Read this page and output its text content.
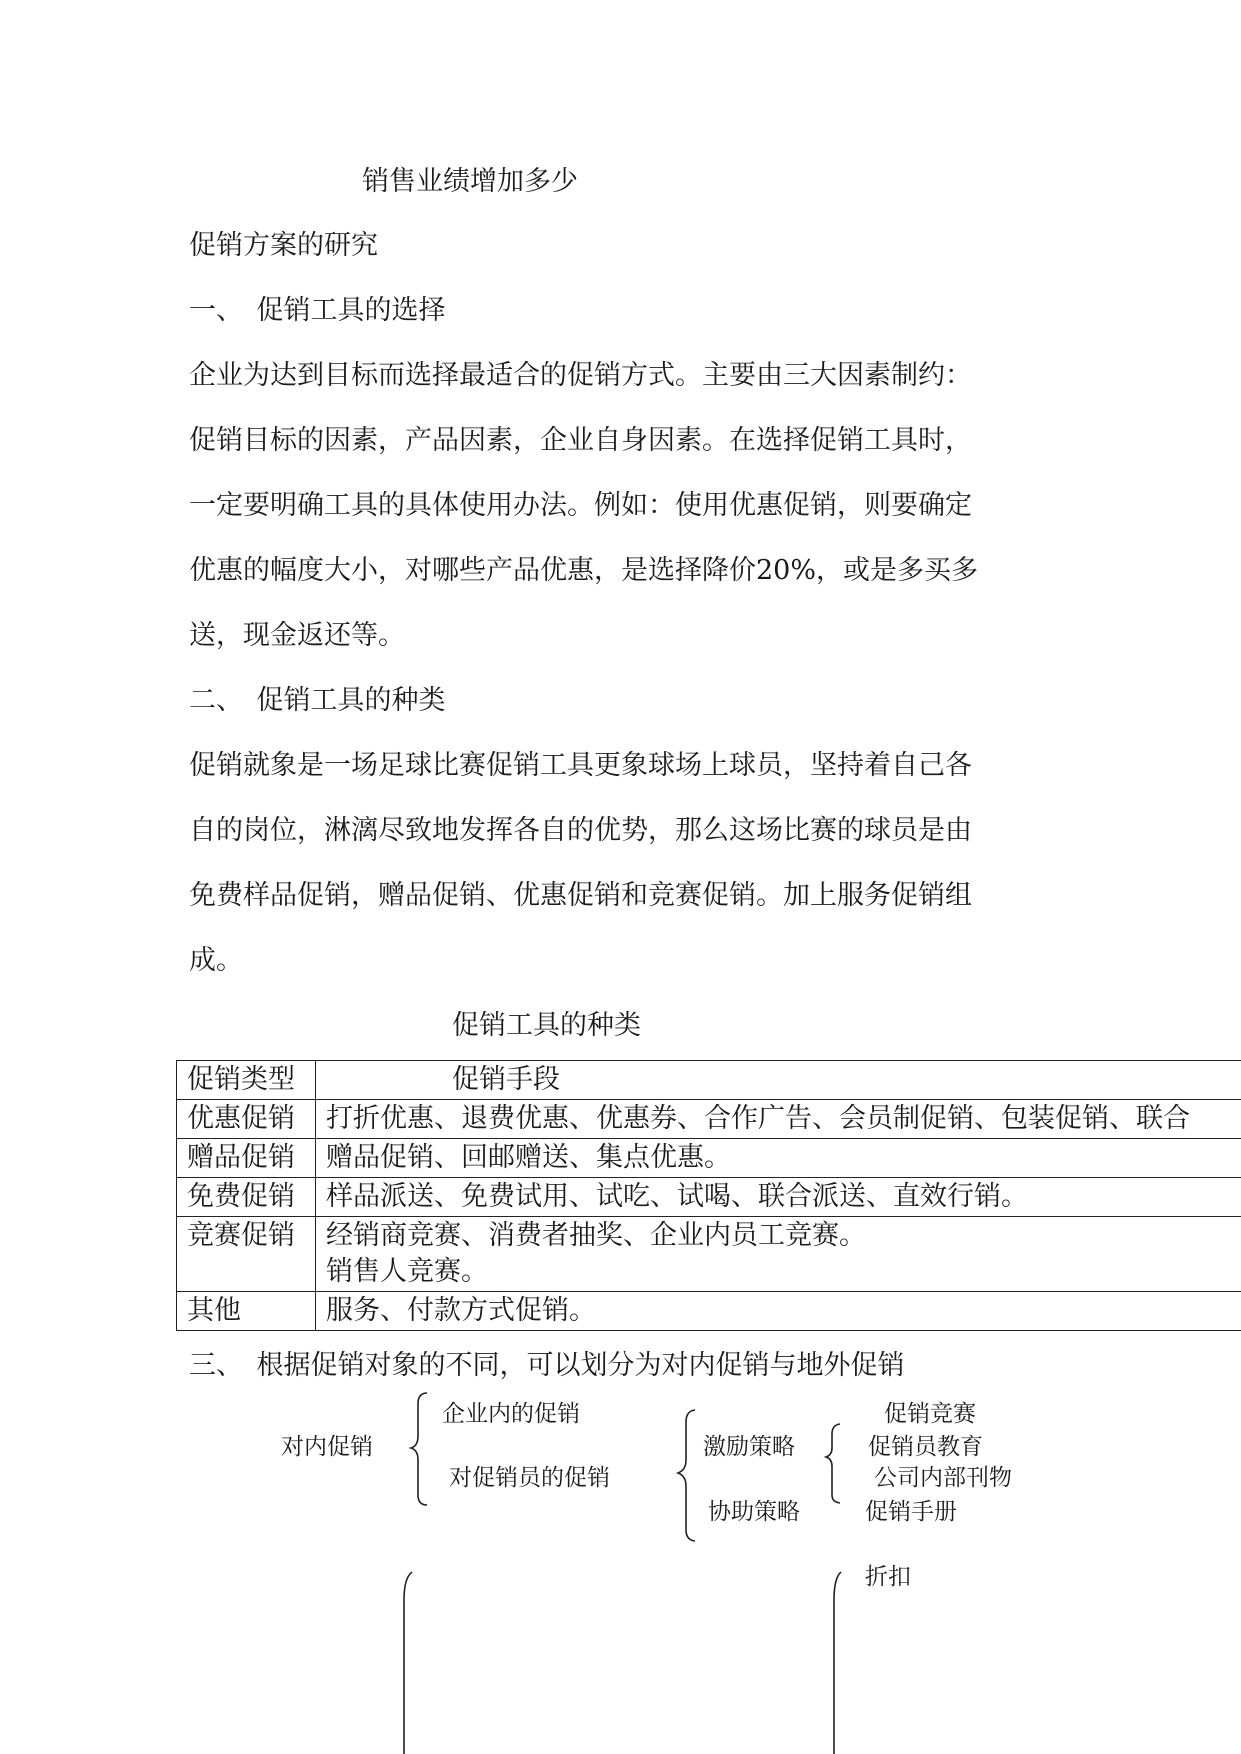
销售业绩增加多少
促销方案的研究
一、　促销工具的选择
企业为达到目标而选择最适合的促销方式。主要由三大因素制约：
促销目标的因素，产品因素，企业自身因素。在选择促销工具时，
一定要明确工具的具体使用办法。例如：使用优惠促销，则要确定
优惠的幅度大小，对哪些产品优惠，是选择降价20%，或是多买多
送，现金返还等。
二、　促销工具的种类
促销就象是一场足球比赛促销工具更象球场上球员，坚持着自己各
自的岗位，淋漓尽致地发挥各自的优势，那么这场比赛的球员是由
免费样品促销，赠品促销、优惠促销和竞赛促销。加上服务促销组
成。
促销工具的种类
促销类型	促销手段
优惠促销	打折优惠、退费优惠、优惠券、合作广告、会员制促销、包装促销、联合
赠品促销	赠品促销、回邮赠送、集点优惠。
免费促销	样品派送、免费试用、试吃、试喝、联合派送、直效行销。
竞赛促销	经销商竞赛、消费者抽奖、企业内员工竞赛。
销售人竞赛。

其他	服务、付款方式促销。
三、　根据促销对象的不同，可以划分为对内促销与地外促销
对内促销
企业内的促销
对促销员的促销
激励策略
协助策略
促销竞赛
促销员教育
公司内部刊物
促销手册
折扣
